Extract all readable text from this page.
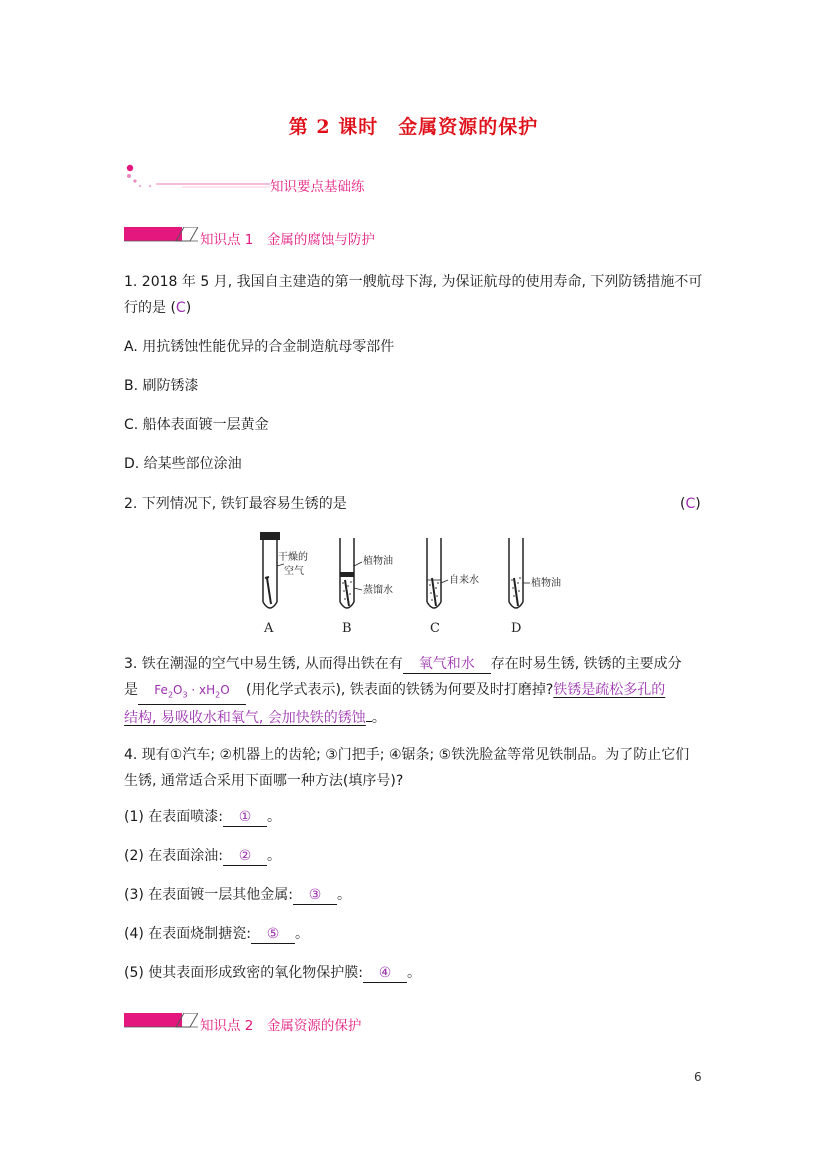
第 2 课时　金属资源的保护
知识要点基础练
知识点 1　金属的腐蚀与防护
1. 2018 年 5 月, 我国自主建造的第一艘航母下海, 为保证航母的使用寿命, 下列防锈措施不可
行的是 (C)
A. 用抗锈蚀性能优异的合金制造航母零部件
B. 刷防锈漆
C. 船体表面镀一层黄金
D. 给某些部位涂油
2. 下列情况下, 铁钉最容易生锈的是	(C)
干燥的
空气
A
植物油
蒸馏水
B
自来水
C
植物油
D
3. 铁在潮湿的空气中易生锈, 从而得出铁在有 氧气和水 存在时易生锈, 铁锈的主要成分
是 $Fe_2O_3 \cdot xH_2O$ (用化学式表示), 铁表面的铁锈为何要及时打磨掉?铁锈是疏松多孔的
结构, 易吸收水和氧气, 会加快铁的锈蚀 。
4. 现有①汽车; ②机器上的齿轮; ③门把手; ④锯条; ⑤铁洗脸盆等常见铁制品。为了防止它们
生锈, 通常适合采用下面哪一种方法(填序号)?
(1) 在表面喷漆: ① 。
(2) 在表面涂油: ② 。
(3) 在表面镀一层其他金属: ③ 。
(4) 在表面烧制搪瓷: ⑤ 。
(5) 使其表面形成致密的氧化物保护膜: ④ 。
知识点 2　金属资源的保护
6
